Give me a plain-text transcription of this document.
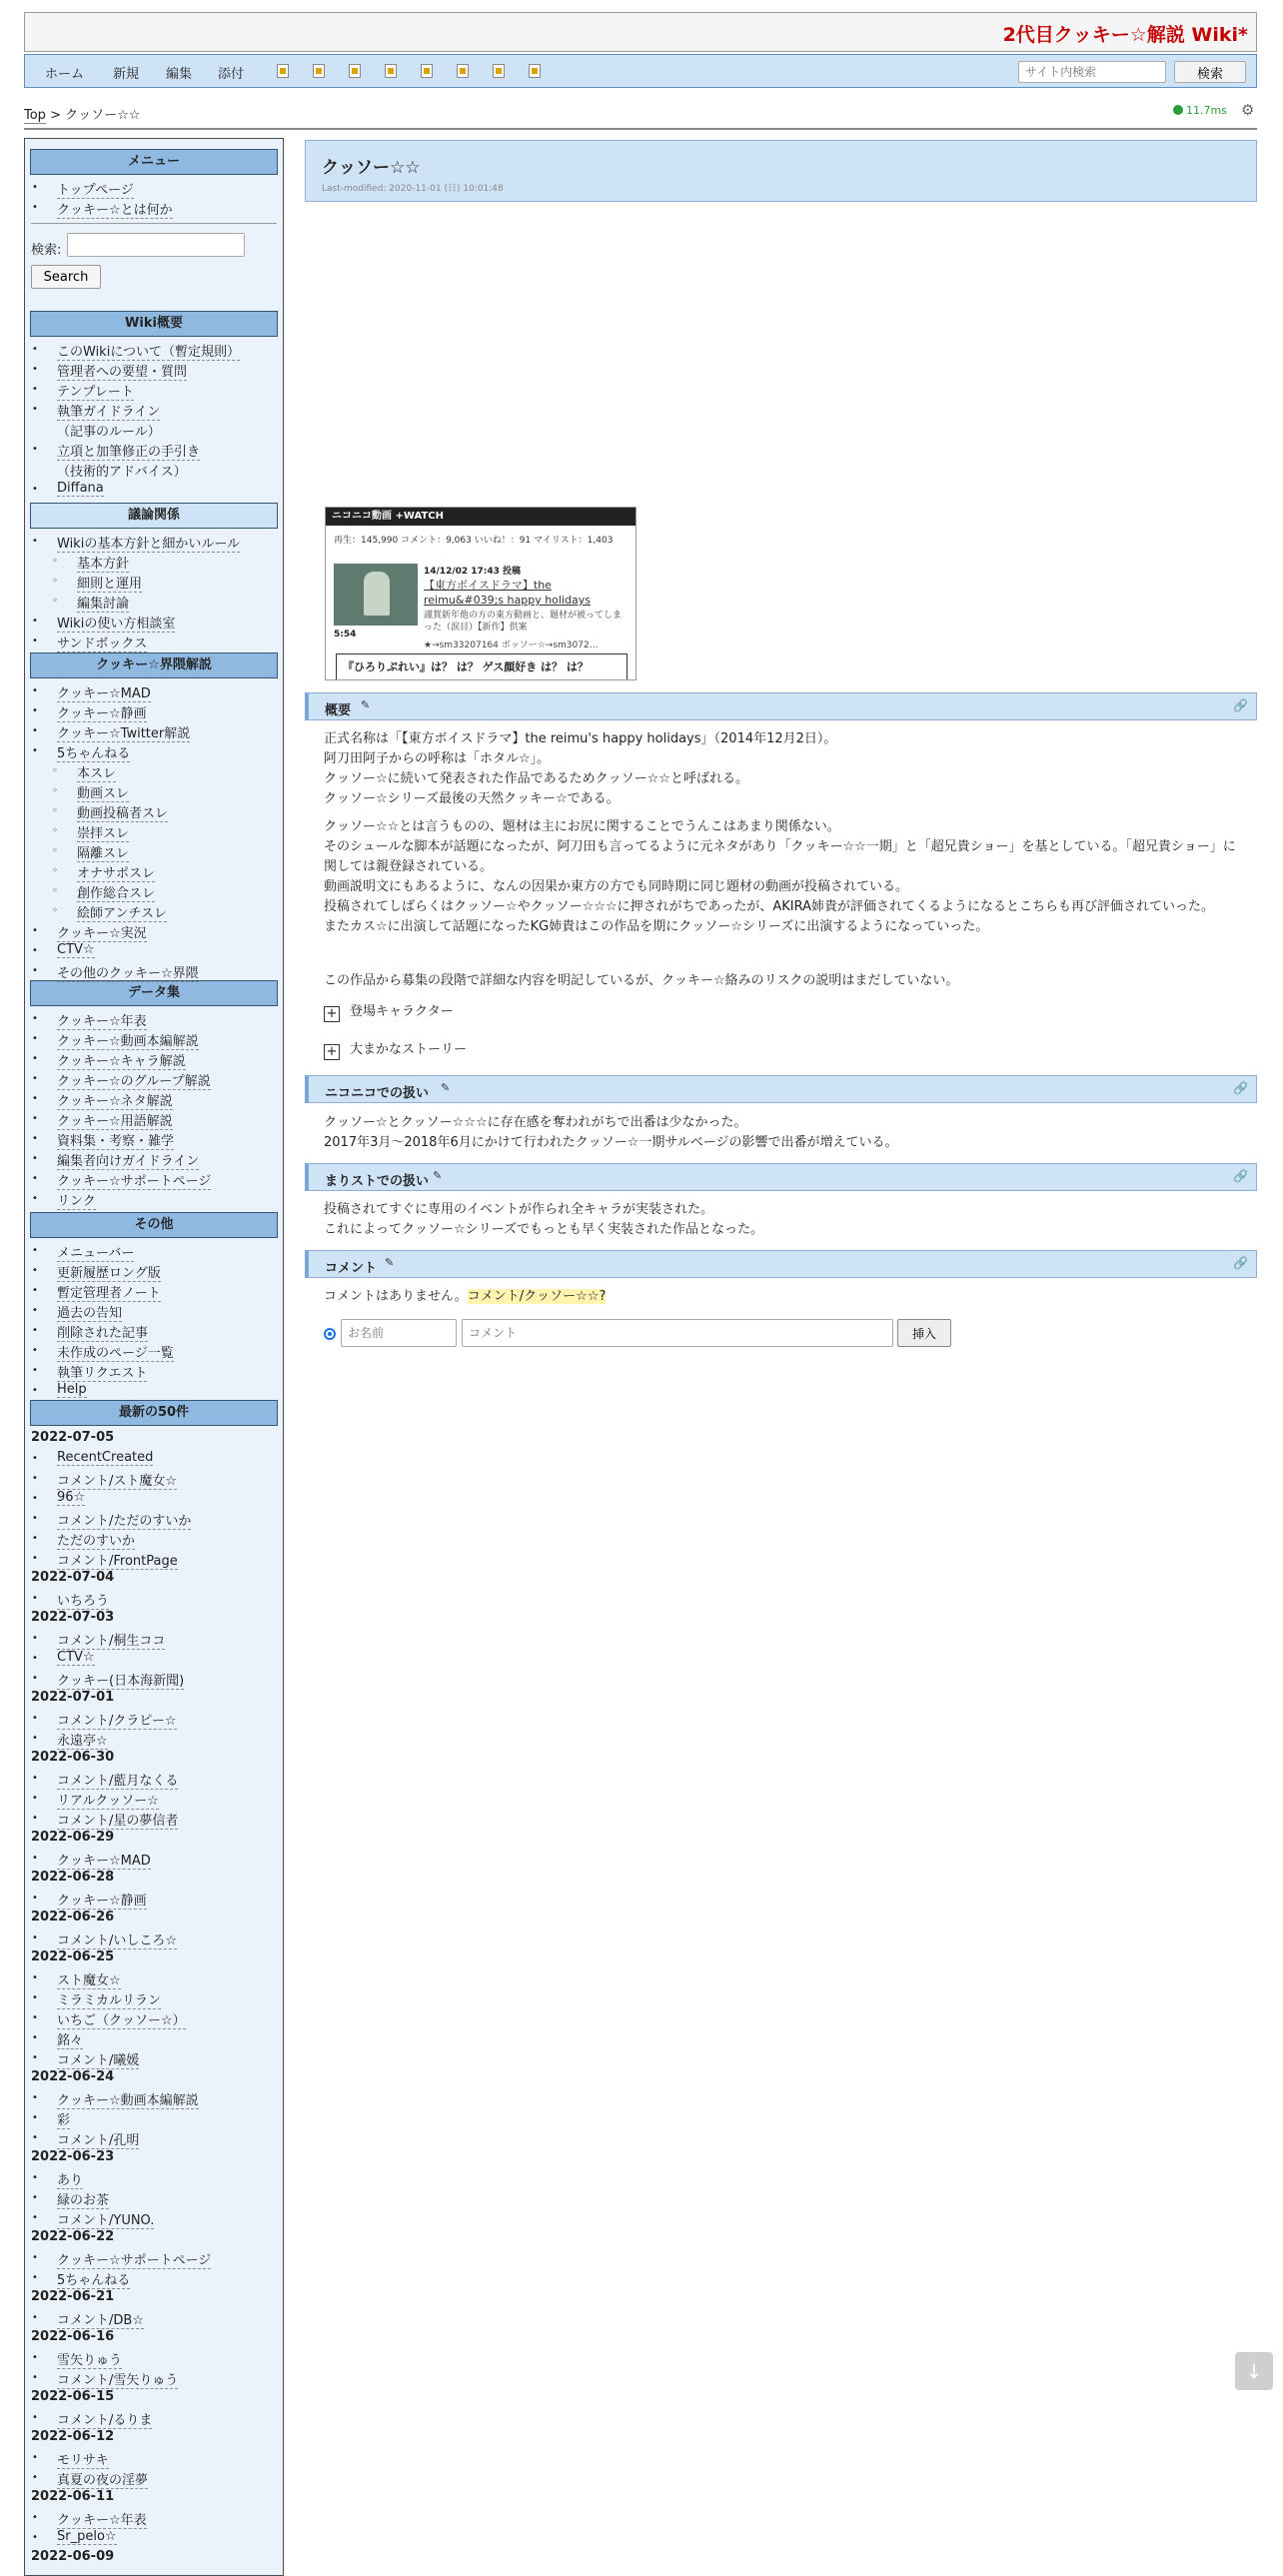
2代目クッキー☆解説 Wiki*
ホーム 新規 編集 添付
サイト内検索	検索
Top > クッソー☆☆	11.7ms ⚙
メニュー
• トップページ
• クッキー☆とは何か
検索:
Search
Wiki概要
議論関係
クッキー☆界隈解説
データ集
その他
最新の50件
• このWikiについて（暫定規則）
• 管理者への要望・質問
• テンプレート
• 執筆ガイドライン
（記事のルール）
• 立項と加筆修正の手引き
（技術的アドバイス）
• Diffana
• Wikiの基本方針と細かいルール
◦ 基本方針
◦ 細則と運用
◦ 編集討論
• Wikiの使い方相談室
• サンドボックス
• クッキー☆MAD
• クッキー☆静画
• クッキー☆Twitter解説
• 5ちゃんねる
◦ 本スレ
◦ 動画スレ
◦ 動画投稿者スレ
◦ 崇拝スレ
◦ 隔離スレ
◦ オナサポスレ
◦ 創作総合スレ
◦ 絵師アンチスレ
• クッキー☆実況
• CTV☆
• その他のクッキー☆界隈
• クッキー☆年表
• クッキー☆動画本編解説
• クッキー☆キャラ解説
• クッキー☆のグループ解説
• クッキー☆ネタ解説
• クッキー☆用語解説
• 資料集・考察・雑学
• 編集者向けガイドライン
• クッキー☆サポートページ
• リンク
• メニューバー
• 更新履歴ロング版
• 暫定管理者ノート
• 過去の告知
• 削除された記事
• 未作成のページ一覧
• 執筆リクエスト
• Help
2022-07-05
• RecentCreated
• コメント/スト魔女☆
• 96☆
• コメント/ただのすいか
• ただのすいか
• コメント/FrontPage
2022-07-04
• いちろう
2022-07-03
• コメント/桐生ココ
• CTV☆
• クッキー(日本海新聞)
2022-07-01
• コメント/クラピー☆
• 永遠亭☆
2022-06-30
• コメント/藍月なくる
• リアルクッソー☆
• コメント/星の夢信者
2022-06-29
• クッキー☆MAD
2022-06-28
• クッキー☆静画
2022-06-26
• コメント/いしころ☆
2022-06-25
• スト魔女☆
• ミラミカルリラン
• いちご（クッソー☆）
• 銘々
• コメント/曦媛
2022-06-24
• クッキー☆動画本編解説
• 彩
• コメント/孔明
2022-06-23
• あり
• 緑のお茶
• コメント/YUNO.
2022-06-22
• クッキー☆サポートページ
• 5ちゃんねる
2022-06-21
• コメント/DB☆
2022-06-16
• 雪矢りゅう
• コメント/雪矢りゅう
2022-06-15
• コメント/るりま
2022-06-12
• モリサキ
• 真夏の夜の淫夢
2022-06-11
• クッキー☆年表
• Sr_pelo☆
2022-06-09
クッソー☆☆
Last-modified: 2020-11-01 (日) 10:01:48
ニコニコ動画 +WATCH
再生：145,990 コメント：9,063 いいね！：91 マイリスト：1,403
5:54
14/12/02 17:43 投稿
【東方ボイスドラマ】the reimu&#039;s happy holidays
謹賀新年他の方の東方動画と、題材が被ってしまった（涙目）【新作】供案
★→sm33207164 ボッソー☆→sm3072…
『ひろりぷれい』は？ は？ ゲス顔好き は？ は？
概要 ✎	🔗
正式名称は「【東方ボイスドラマ】the reimu's happy holidays」（2014年12月2日）。
阿刀田阿子からの呼称は「ホタル☆」。
クッソー☆に続いて発表された作品であるためクッソー☆☆と呼ばれる。
クッソー☆シリーズ最後の天然クッキー☆である。
クッソー☆☆とは言うものの、題材は主にお尻に関することでうんこはあまり関係ない。
そのシュールな脚本が話題になったが、阿刀田も言ってるように元ネタがあり「クッキー☆☆一期」と「超兄貴ショー」を基としている。「超兄貴ショー」に関しては親登録されている。
動画説明文にもあるように、なんの因果か東方の方でも同時期に同じ題材の動画が投稿されている。
投稿されてしばらくはクッソー☆やクッソー☆☆☆に押されがちであったが、AKIRA姉貴が評価されてくるようになるとこちらも再び評価されていった。
またカス☆に出演して話題になったKG姉貴はこの作品を期にクッソー☆シリーズに出演するようになっていった。
この作品から募集の段階で詳細な内容を明記しているが、クッキー☆絡みのリスクの説明はまだしていない。
+ 登場キャラクター
+ 大まかなストーリー
ニコニコでの扱い ✎	🔗
クッソー☆とクッソー☆☆☆に存在感を奪われがちで出番は少なかった。
2017年3月～2018年6月にかけて行われたクッソー☆一期サルベージの影響で出番が増えている。
まりストでの扱い ✎	🔗
投稿されてすぐに専用のイベントが作られ全キャラが実装された。
これによってクッソー☆シリーズでもっとも早く実装された作品となった。
コメント ✎	🔗
コメントはありません。コメント/クッソー☆☆?
お名前
コメント
挿入
↓
